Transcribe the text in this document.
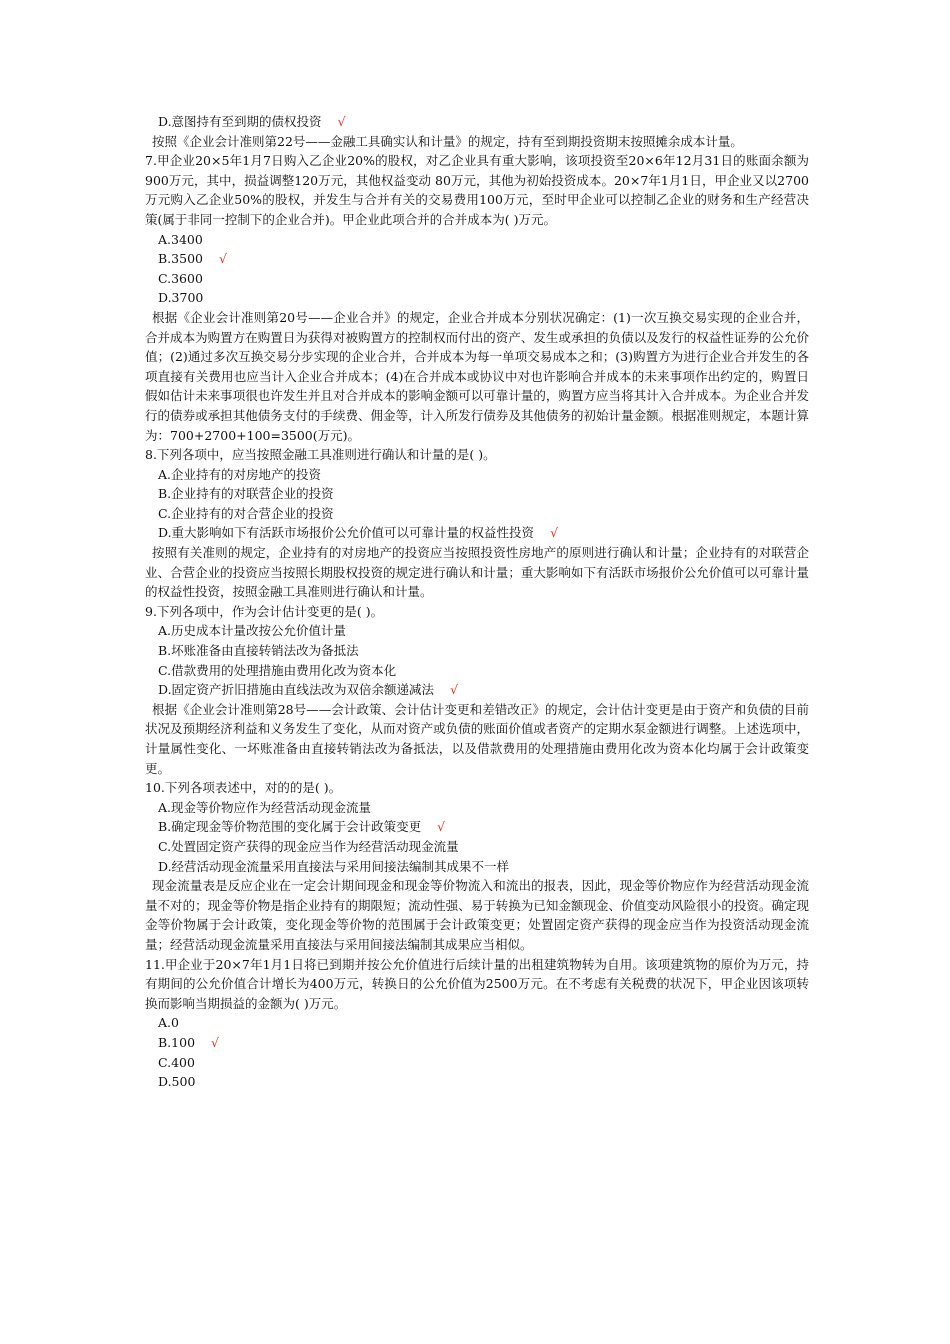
D.意图持有至到期的债权投资 √

按照《企业会计准则第22号——金融工具确实认和计量》的规定，持有至到期投资期末按照摊余成本计量。

7.甲企业20×5年1月7日购入乙企业20%的股权，对乙企业具有重大影响，该项投资至20×6年12月31日的账面余额为900万元，其中，损益调整120万元，其他权益变动 80万元，其他为初始投资成本。20×7年1月1日，甲企业又以2700万元购入乙企业50%的股权，并发生与合并有关的交易费用100万元，至时甲企业可以控制乙企业的财务和生产经营决策(属于非同一控制下的企业合并)。甲企业此项合并的合并成本为( )万元。

A.3400

B.3500 √

C.3600

D.3700

根据《企业会计准则第20号——企业合并》的规定，企业合并成本分别状况确定：(1)一次互换交易实现的企业合并，合并成本为购置方在购置日为获得对被购置方的控制权而付出的资产、发生或承担的负债以及发行的权益性证券的公允价值；(2)通过多次互换交易分步实现的企业合并，合并成本为每一单项交易成本之和；(3)购置方为进行企业合并发生的各项直接有关费用也应当计入企业合并成本；(4)在合并成本或协议中对也许影响合并成本的未来事项作出约定的，购置日假如估计未来事项很也许发生并且对合并成本的影响金额可以可靠计量的，购置方应当将其计入合并成本。为企业合并发行的债券或承担其他债务支付的手续费、佣金等，计入所发行债券及其他债务的初始计量金额。根据准则规定，本题计算为：700+2700+100=3500(万元)。

8.下列各项中，应当按照金融工具准则进行确认和计量的是( )。

A.企业持有的对房地产的投资

B.企业持有的对联营企业的投资

C.企业持有的对合营企业的投资

D.重大影响如下有活跃市场报价公允价值可以可靠计量的权益性投资 √

按照有关准则的规定，企业持有的对房地产的投资应当按照投资性房地产的原则进行确认和计量；企业持有的对联营企业、合营企业的投资应当按照长期股权投资的规定进行确认和计量；重大影响如下有活跃市场报价公允价值可以可靠计量的权益性投资，按照金融工具准则进行确认和计量。

9.下列各项中，作为会计估计变更的是( )。

A.历史成本计量改按公允价值计量

B.坏账准备由直接转销法改为备抵法

C.借款费用的处理措施由费用化改为资本化

D.固定资产折旧措施由直线法改为双倍余额递减法 √

根据《企业会计准则第28号——会计政策、会计估计变更和差错改正》的规定，会计估计变更是由于资产和负债的目前状况及预期经济利益和义务发生了变化，从而对资产或负债的账面价值或者资产的定期水泵金额进行调整。上述选项中，计量属性变化、一坏账准备由直接转销法改为备抵法，以及借款费用的处理措施由费用化改为资本化均属于会计政策变更。

10.下列各项表述中，对的的是( )。

A.现金等价物应作为经营活动现金流量

B.确定现金等价物范围的变化属于会计政策变更 √

C.处置固定资产获得的现金应当作为经营活动现金流量

D.经营活动现金流量采用直接法与采用间接法编制其成果不一样

现金流量表是反应企业在一定会计期间现金和现金等价物流入和流出的报表，因此，现金等价物应作为经营活动现金流量不对的；现金等价物是指企业持有的期限短；流动性强、易于转换为已知金额现金、价值变动风险很小的投资。确定现金等价物属于会计政策，变化现金等价物的范围属于会计政策变更；处置固定资产获得的现金应当作为投资活动现金流量；经营活动现金流量采用直接法与采用间接法编制其成果应当相似。

11.甲企业于20×7年1月1日将已到期并按公允价值进行后续计量的出租建筑物转为自用。该项建筑物的原价为万元，持有期间的公允价值合计增长为400万元，转换日的公允价值为2500万元。在不考虑有关税费的状况下，甲企业因该项转换而影响当期损益的金额为( )万元。

A.0

B.100 √

C.400

D.500
